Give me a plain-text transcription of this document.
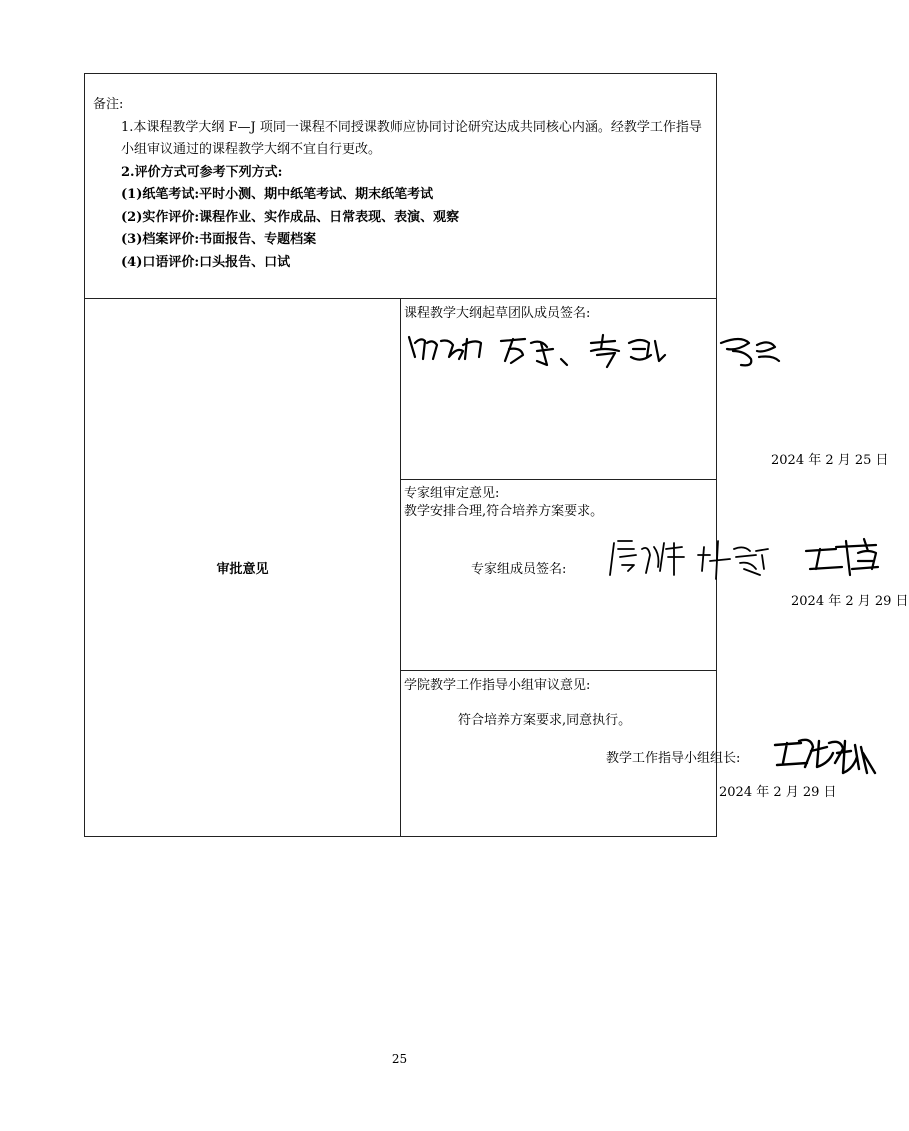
备注:
1.本课程教学大纲 F—J 项同一课程不同授课教师应协同讨论研究达成共同核心内涵。经教学工作指导小组审议通过的课程教学大纲不宜自行更改。
2.评价方式可参考下列方式:
(1)纸笔考试:平时小测、期中纸笔考试、期末纸笔考试
(2)实作评价:课程作业、实作成品、日常表现、表演、观察
(3)档案评价:书面报告、专题档案
(4)口语评价:口头报告、口试

审批意见	
课程教学大纲起草团队成员签名:
2024 年 2 月 25 日

专家组审定意见:
教学安排合理,符合培养方案要求。
专家组成员签名:
2024 年 2 月 29 日

学院教学工作指导小组审议意见:
符合培养方案要求,同意执行。
教学工作指导小组组长:
2024 年 2 月 29 日
25
